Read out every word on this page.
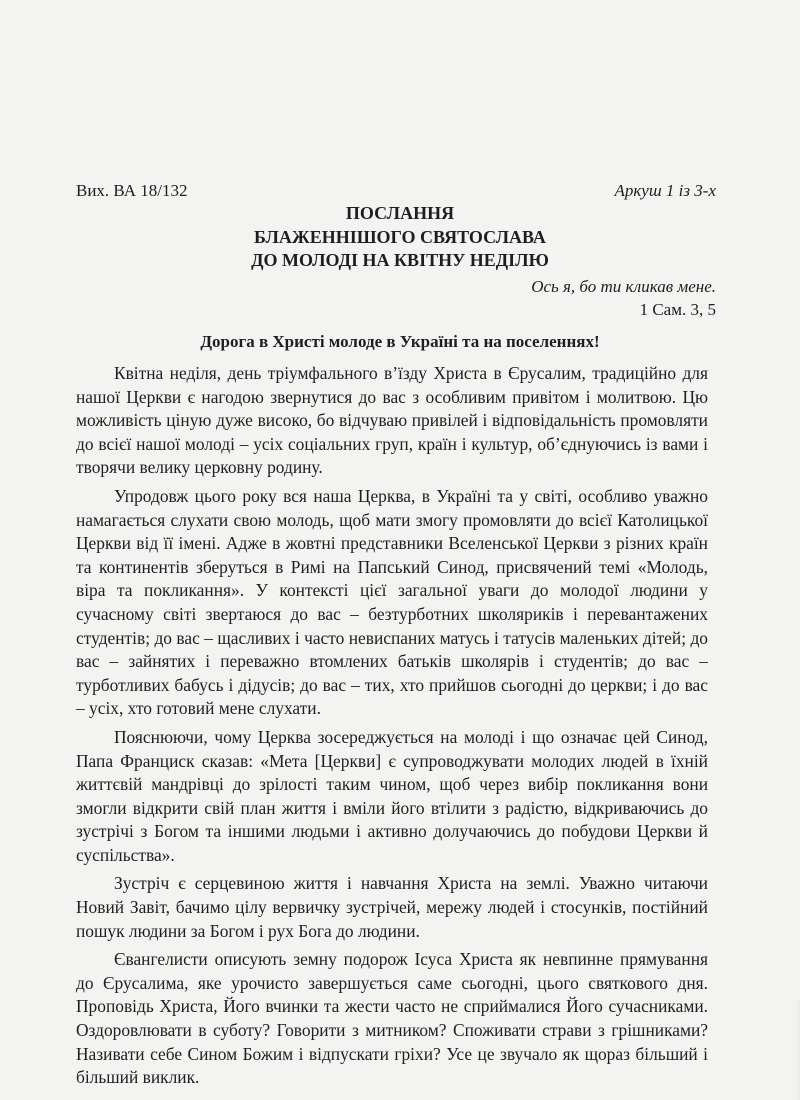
Вих. ВА 18/132	Аркуш 1 із 3-х
ПОСЛАННЯ
БЛАЖЕННІШОГО СВЯТОСЛАВА
ДО МОЛОДІ НА КВІТНУ НЕДІЛЮ
Ось я, бо ти кликав мене.
1 Сам. 3, 5
Дорога в Христі молоде в Україні та на поселеннях!

Квітна неділя, день тріумфального в’їзду Христа в Єрусалим, традиційно для нашої Церкви є нагодою звернутися до вас з особливим привітом і молитвою. Цю можливість ціную дуже високо, бо відчуваю привілей і відповідальність промовляти до всієї нашої молоді – усіх соціальних груп, країн і культур, об’єднуючись із вами і творячи велику церковну родину.

Упродовж цього року вся наша Церква, в Україні та у світі, особливо уважно намагається слухати свою молодь, щоб мати змогу промовляти до всієї Католицької Церкви від її імені. Адже в жовтні представники Вселенської Церкви з різних країн та континентів зберуться в Римі на Папський Синод, присвячений темі «Молодь, віра та покликання». У контексті цієї загальної уваги до молодої людини у сучасному світі звертаюся до вас – безтурботних школяриків і перевантажених студентів; до вас – щасливих і часто невиспаних матусь і татусів маленьких дітей; до вас – зайнятих і переважно втомлених батьків школярів і студентів; до вас – турботливих бабусь і дідусів; до вас – тих, хто прийшов сьогодні до церкви; і до вас – усіх, хто готовий мене слухати.

Пояснюючи, чому Церква зосереджується на молоді і що означає цей Синод, Папа Франциск сказав: «Мета [Церкви] є супроводжувати молодих людей в їхній життєвій мандрівці до зрілості таким чином, щоб через вибір покликання вони змогли відкрити свій план життя і вміли його втілити з радістю, відкриваючись до зустрічі з Богом та іншими людьми і активно долучаючись до побудови Церкви й суспільства».

Зустріч є серцевиною життя і навчання Христа на землі. Уважно читаючи Новий Завіт, бачимо цілу вервичку зустрічей, мережу людей і стосунків, постійний пошук людини за Богом і рух Бога до людини.

Євангелисти описують земну подорож Ісуса Христа як невпинне прямування до Єрусалима, яке урочисто завершується саме сьогодні, цього святкового дня. Проповідь Христа, Його вчинки та жести часто не сприймалися Його сучасниками. Оздоровлювати в суботу? Говорити з митником? Споживати страви з грішниками? Називати себе Сином Божим і відпускати гріхи? Усе це звучало як щораз більший і більший виклик.
